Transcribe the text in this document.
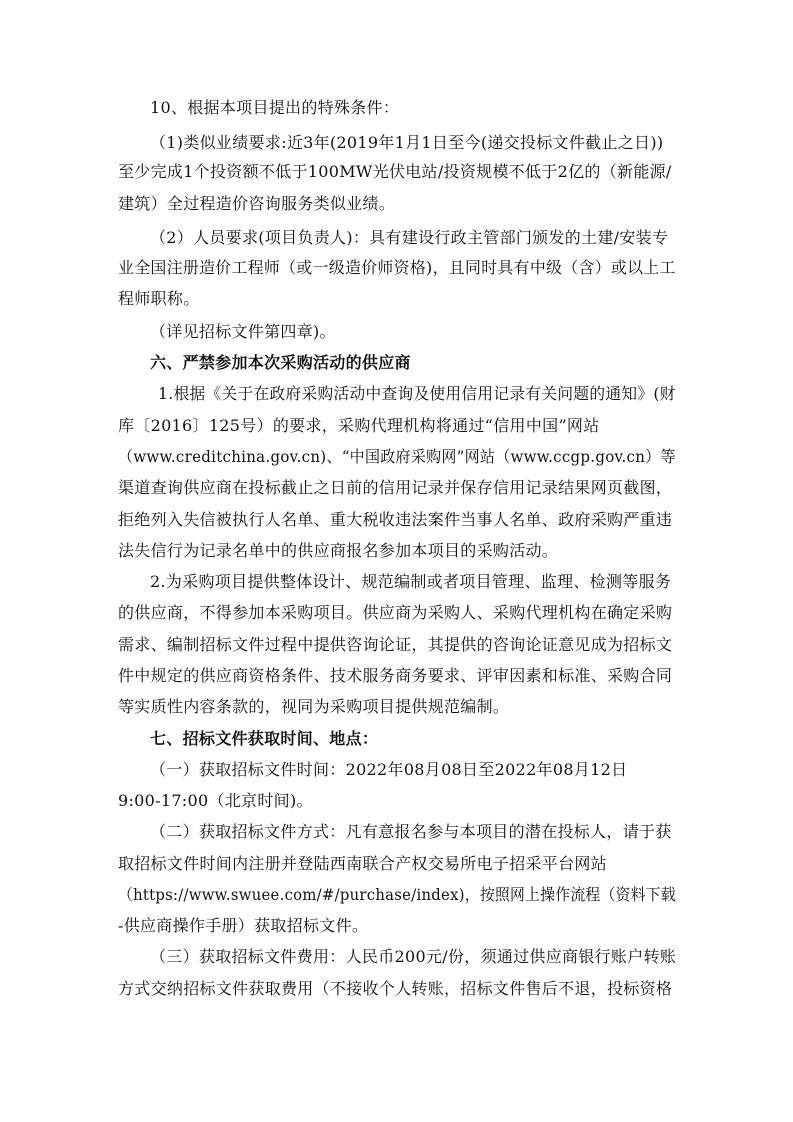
10、根据本项目提出的特殊条件：
（1)类似业绩要求:近3年(2019年1月1日至今(递交投标文件截止之日))
至少完成1个投资额不低于100MW光伏电站/投资规模不低于2亿的（新能源/
建筑）全过程造价咨询服务类似业绩。
（2）人员要求(项目负责人)：具有建设行政主管部门颁发的土建/安装专
业全国注册造价工程师（或一级造价师资格)，且同时具有中级（含）或以上工
程师职称。
（详见招标文件第四章)。
六、严禁参加本次采购活动的供应商
1.根据《关于在政府采购活动中查询及使用信用记录有关问题的通知》(财
库〔2016〕125号）的要求，采购代理机构将通过“信用中国”网站
（www.creditchina.gov.cn)、“中国政府采购网”网站（www.ccgp.gov.cn）等
渠道查询供应商在投标截止之日前的信用记录并保存信用记录结果网页截图，
拒绝列入失信被执行人名单、重大税收违法案件当事人名单、政府采购严重违
法失信行为记录名单中的供应商报名参加本项目的采购活动。
2.为采购项目提供整体设计、规范编制或者项目管理、监理、检测等服务
的供应商，不得参加本采购项目。供应商为采购人、采购代理机构在确定采购
需求、编制招标文件过程中提供咨询论证，其提供的咨询论证意见成为招标文
件中规定的供应商资格条件、技术服务商务要求、评审因素和标准、采购合同
等实质性内容条款的，视同为采购项目提供规范编制。
七、招标文件获取时间、地点：
（一）获取招标文件时间：2022年08月08日至2022年08月12日
9:00-17:00（北京时间)。
（二）获取招标文件方式：凡有意报名参与本项目的潜在投标人，请于获
取招标文件时间内注册并登陆西南联合产权交易所电子招采平台网站
（https://www.swuee.com/#/purchase/index)，按照网上操作流程（资料下载
-供应商操作手册）获取招标文件。
（三）获取招标文件费用：人民币200元/份，须通过供应商银行账户转账
方式交纳招标文件获取费用（不接收个人转账，招标文件售后不退，投标资格
